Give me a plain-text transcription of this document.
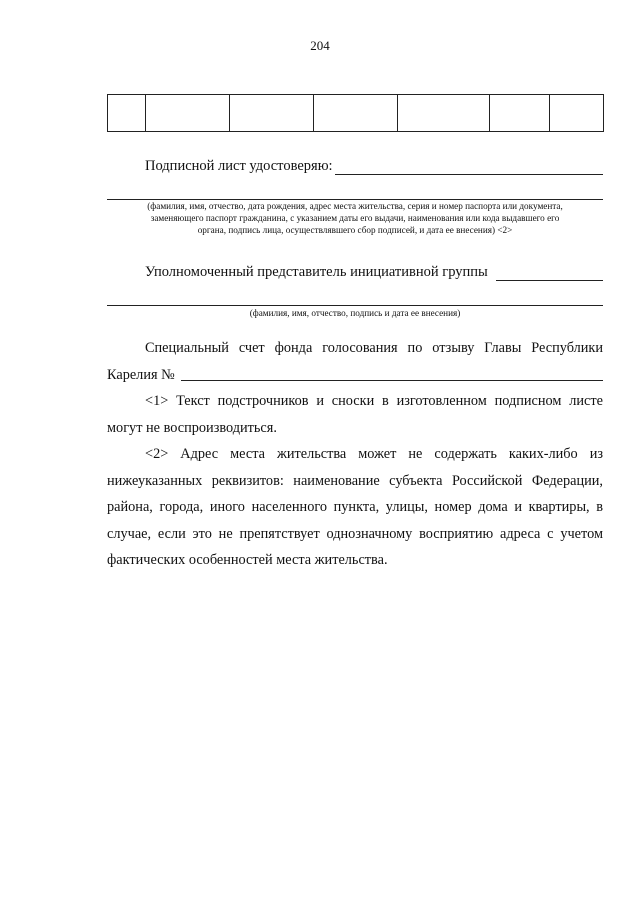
204

Подписной лист удостоверяю:
(фамилия, имя, отчество, дата рождения, адрес места жительства, серия и номер паспорта или документа,
заменяющего паспорт гражданина, с указанием даты его выдачи, наименования или кода выдавшего его
органа, подпись лица, осуществлявшего сбор подписей, и дата ее внесения) <2>
Уполномоченный представитель инициативной группы
(фамилия, имя, отчество, подпись и дата ее внесения)

Специальный счет фонда голосования по отзыву Главы Республики

Карелия №

<1> Текст подстрочников и сноски в изготовленном подписном листе могут не воспроизводиться.

<2> Адрес места жительства может не содержать каких-либо из нижеуказанных реквизитов: наименование субъекта Российской Федерации, района, города, иного населенного пункта, улицы, номер дома и квартиры, в случае, если это не препятствует однозначному восприятию адреса с учетом фактических особенностей места жительства.
